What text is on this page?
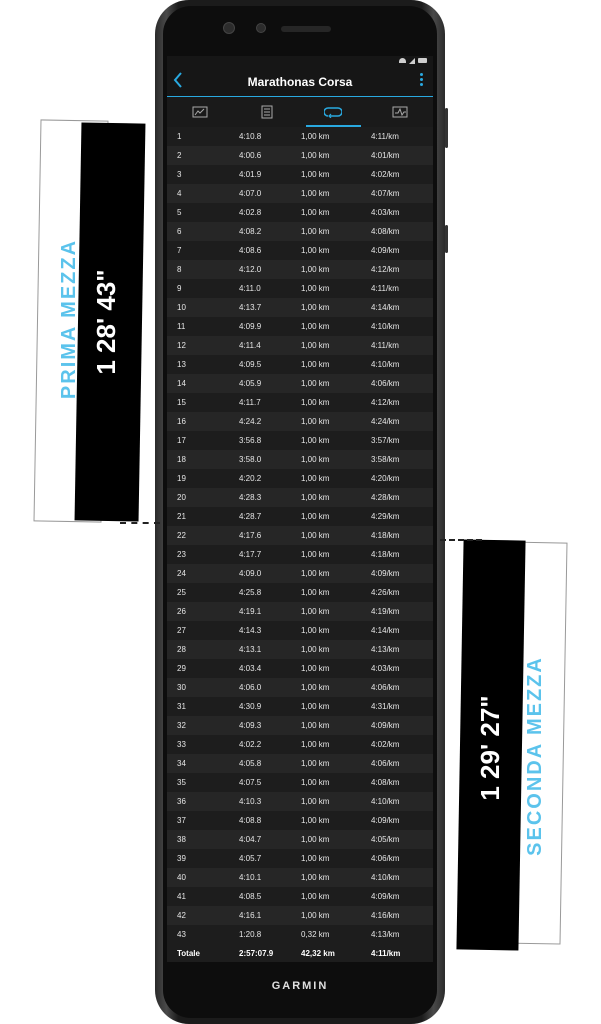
Marathonas Corsa
1	4:10.8	1,00 km	4:11/km
2	4:00.6	1,00 km	4:01/km
3	4:01.9	1,00 km	4:02/km
4	4:07.0	1,00 km	4:07/km
5	4:02.8	1,00 km	4:03/km
6	4:08.2	1,00 km	4:08/km
7	4:08.6	1,00 km	4:09/km
8	4:12.0	1,00 km	4:12/km
9	4:11.0	1,00 km	4:11/km
10	4:13.7	1,00 km	4:14/km
11	4:09.9	1,00 km	4:10/km
12	4:11.4	1,00 km	4:11/km
13	4:09.5	1,00 km	4:10/km
14	4:05.9	1,00 km	4:06/km
15	4:11.7	1,00 km	4:12/km
16	4:24.2	1,00 km	4:24/km
17	3:56.8	1,00 km	3:57/km
18	3:58.0	1,00 km	3:58/km
19	4:20.2	1,00 km	4:20/km
20	4:28.3	1,00 km	4:28/km
21	4:28.7	1,00 km	4:29/km
22	4:17.6	1,00 km	4:18/km
23	4:17.7	1,00 km	4:18/km
24	4:09.0	1,00 km	4:09/km
25	4:25.8	1,00 km	4:26/km
26	4:19.1	1,00 km	4:19/km
27	4:14.3	1,00 km	4:14/km
28	4:13.1	1,00 km	4:13/km
29	4:03.4	1,00 km	4:03/km
30	4:06.0	1,00 km	4:06/km
31	4:30.9	1,00 km	4:31/km
32	4:09.3	1,00 km	4:09/km
33	4:02.2	1,00 km	4:02/km
34	4:05.8	1,00 km	4:06/km
35	4:07.5	1,00 km	4:08/km
36	4:10.3	1,00 km	4:10/km
37	4:08.8	1,00 km	4:09/km
38	4:04.7	1,00 km	4:05/km
39	4:05.7	1,00 km	4:06/km
40	4:10.1	1,00 km	4:10/km
41	4:08.5	1,00 km	4:09/km
42	4:16.1	1,00 km	4:16/km
43	1:20.8	0,32 km	4:13/km
Totale	2:57:07.9	42,32 km	4:11/km
GARMIN
PRIMA MEZZA 1 28' 43"
SECONDA MEZZA
1 29' 27"
